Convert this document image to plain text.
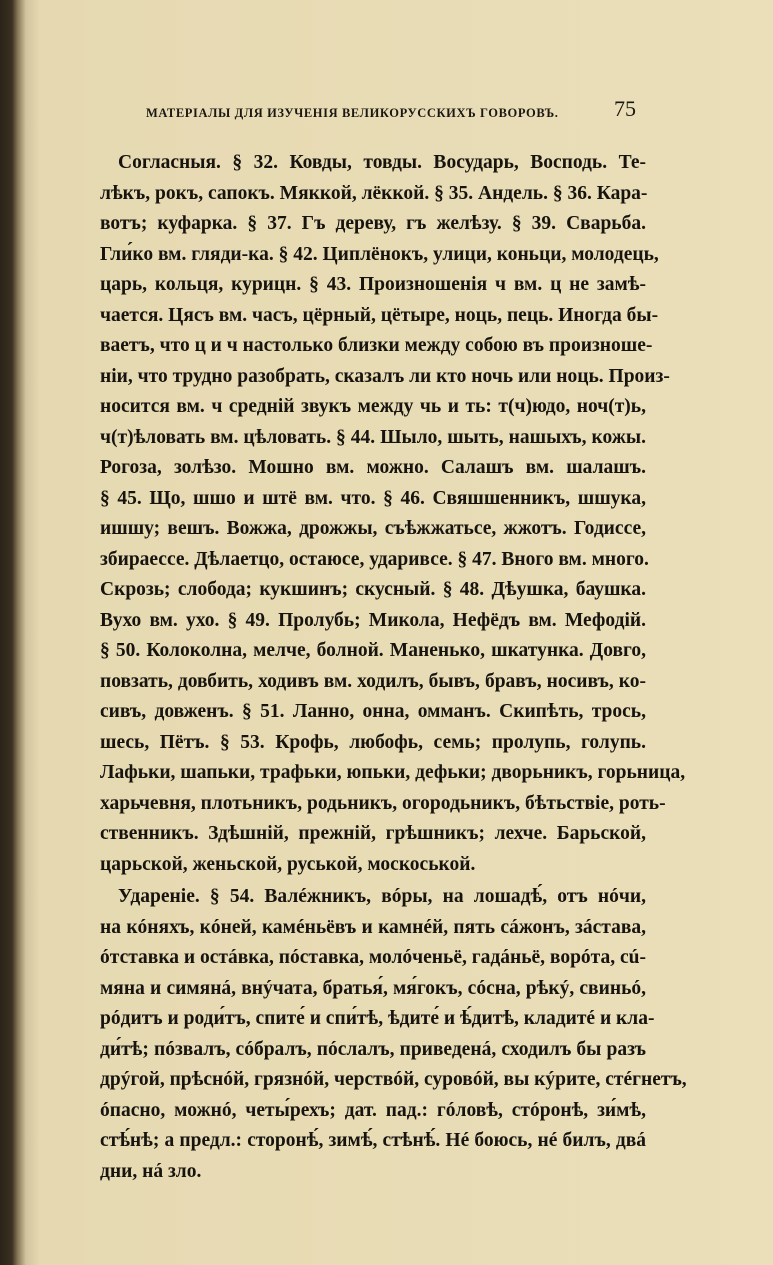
МАТЕРІАЛЫ ДЛЯ ИЗУЧЕНІЯ ВЕЛИКОРУССКИХЪ ГОВОРОВЪ.	75
Согласныя. § 32. Ковды, товды. Восударь, Восподь. Те-
лѣкъ, рокъ, сапокъ. Мяккой, лёккой. § 35. Андель. § 36. Кара-
вотъ; куфарка. § 37. Гъ дереву, гъ желѣзу. § 39. Сварьба.
Гли́ко вм. гляди-ка. § 42. Циплёнокъ, улици, коньци, молодець,
царь, кольця, курицн. § 43. Произношенія ч вм. ц не замѣ-
чается. Цясъ вм. часъ, цёрный, цётыре, ноць, пець. Иногда бы-
ваетъ, что ц и ч настолько близки между собою въ произноше-
ніи, что трудно разобрать, сказалъ ли кто ночь или ноць. Произ-
носится вм. ч средній звукъ между чь и ть: т(ч)юдо, ноч(т)ь,
ч(т)ѣловать вм. цѣловать. § 44. Шыло, шыть, нашыхъ, кожы.
Рогоза, золѣзо. Мошно вм. можно. Салашъ вм. шалашъ.
§ 45. Що, шшо и штё вм. что. § 46. Свяшшенникъ, шшука,
ишшу; вешъ. Вожжа, дрожжы, съѣжжатьсе, жжотъ. Годиссе,
збираессе. Дѣлаетцо, остаюсе, ударивсе. § 47. Вного вм. много.
Скрозь; слобода; кукшинъ; скусный. § 48. Дѣушка, баушка.
Вухо вм. ухо. § 49. Пролубь; Микола, Нефёдъ вм. Мефодій.
§ 50. Колоколна, мелче, болной. Маненько, шкатунка. Довго,
повзать, довбить, ходивъ вм. ходилъ, бывъ, бравъ, носивъ, ко-
сивъ, довженъ. § 51. Ланно, онна, омманъ. Скипѣть, трось,
шесь, Пётъ. § 53. Крофь, любофь, семь; пролупь, голупь.
Лафьки, шапьки, трафьки, юпьки, дефьки; дворьникъ, горьница,
харьчевня, плотьникъ, родьникъ, огородьникъ, бѣтьствіе, роть-
ственникъ. Здѣшній, прежній, грѣшникъ; лехче. Барьской,
царьской, женьской, руськой, москоськой.
Удареніе. § 54. Валéжникъ, вóры, на лошадѣ́, отъ нóчи,
на кóняхъ, кóней, камéньёвъ и камнéй, пять сáжонъ, зáстава,
óтставка и остáвка, пóставка, молóченьё, гадáньё, ворóта, сú-
мяна и симянá, внýчата, братья́, мя́гокъ, сóсна, рѣкý, свиньó,
рóдитъ и роди́тъ, спите́ и спи́тѣ, ѣдите́ и ѣ́дитѣ, кладитé и кла-
ди́тѣ; пóзвалъ, сóбралъ, пóслалъ, приведенá, сходилъ бы разъ
дрýгой, прѣснóй, грязнóй, черствóй, суровóй, вы кýрите, стéгнетъ,
óпасно, можнó, четы́рехъ; дат. пад.: гóловѣ, стóронѣ, зи́мѣ,
стѣ́нѣ; а предл.: сторонѣ́, зимѣ́, стѣнѣ́. Нé боюсь, нé билъ, двá
дни, нá зло.
